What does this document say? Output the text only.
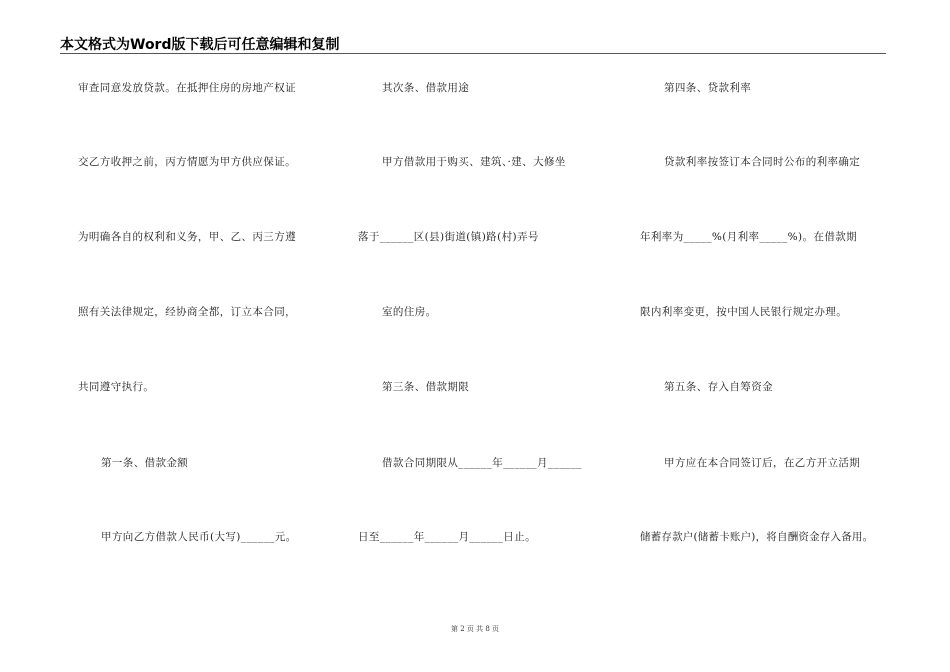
本文格式为Word版下载后可任意编辑和复制
审查同意发放贷款。在抵押住房的房地产权证
交乙方收押之前，丙方情愿为甲方供应保证。
为明确各自的权利和义务，甲、乙、丙三方遵
照有关法律规定，经协商全都，订立本合同，
共同遵守执行。
第一条、借款金额
甲方向乙方借款人民币(大写)______元。
其次条、借款用途
甲方借款用于购买、建筑、·建、大修坐
落于______区(县)街道(镇)路(村)弄号
室的住房。
第三条、借款期限
借款合同期限从______年______月______
日至______年______月______日止。
第四条、贷款利率
贷款利率按签订本合同时公布的利率确定
年利率为_____%(月利率_____%)。在借款期
限内利率变更，按中国人民银行规定办理。
第五条、存入自筹资金
甲方应在本合同签订后，在乙方开立活期
储蓄存款户(储蓄卡账户)，将自酬资金存入备用。
第 2 页 共 8 页
